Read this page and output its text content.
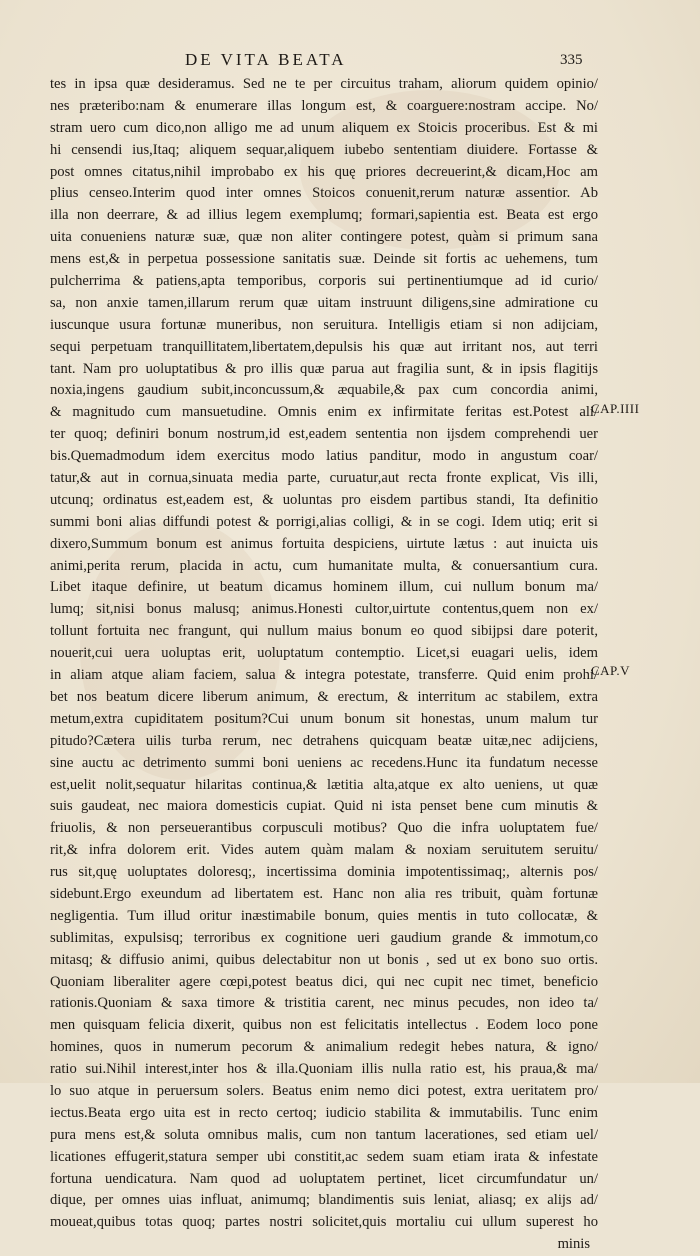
DE VITA BEATA	335
tes in ipsa quæ desideramus. Sed ne te per circuitus traham, aliorum quidem opinio/
nes præteribo:nam & enumerare illas longum est, & coarguere:nostram accipe. No/
stram uero cum dico,non alligo me ad unum aliquem ex Stoicis proceribus. Est & mi
hi censendi ius,Itaq; aliquem sequar,aliquem iubebo sententiam diuidere. Fortasse &
post omnes citatus,nihil improbabo ex his quę priores decreuerint,& dicam,Hoc am
plius censeo.Interim quod inter omnes Stoicos conuenit,rerum naturæ assentior. Ab
illa non deerrare, & ad illius legem exemplumq; formari,sapientia est. Beata est ergo
uita conueniens naturæ suæ, quæ non aliter contingere potest, quàm si primum sana
mens est,& in perpetua possessione sanitatis suæ. Deinde sit fortis ac uehemens, tum
pulcherrima & patiens,apta temporibus, corporis sui pertinentiumque ad id curio/
sa, non anxie tamen,illarum rerum quæ uitam instruunt diligens,sine admiratione cu
iuscunque usura fortunæ muneribus, non seruitura. Intelligis etiam si non adijciam,
sequi perpetuam tranquillitatem,libertatem,depulsis his quæ aut irritant nos, aut terri
tant. Nam pro uoluptatibus & pro illis quæ parua aut fragilia sunt, & in ipsis flagitijs
noxia,ingens gaudium subit,inconcussum,& æquabile,& pax cum concordia animi,
& magnitudo cum mansuetudine. Omnis enim ex infirmitate feritas est.Potest ali/
ter quoq; definiri bonum nostrum,id est,eadem sententia non ijsdem comprehendi uer
bis.Quemadmodum idem exercitus modo latius panditur, modo in angustum coar/
tatur,& aut in cornua,sinuata media parte, curuatur,aut recta fronte explicat, Vis illi,
utcunq; ordinatus est,eadem est, & uoluntas pro eisdem partibus standi, Ita definitio
summi boni alias diffundi potest & porrigi,alias colligi, & in se cogi. Idem utiq; erit si
dixero,Summum bonum est animus fortuita despiciens, uirtute lætus : aut inuicta uis
animi,perita rerum, placida in actu, cum humanitate multa, & conuersantium cura.
Libet itaque definire, ut beatum dicamus hominem illum, cui nullum bonum ma/
lumq; sit,nisi bonus malusq; animus.Honesti cultor,uirtute contentus,quem non ex/
tollunt fortuita nec frangunt, qui nullum maius bonum eo quod sibijpsi dare poterit,
nouerit,cui uera uoluptas erit, uoluptatum contemptio. Licet,si euagari uelis, idem
in aliam atque aliam faciem, salua & integra potestate, transferre. Quid enim prohi/
bet nos beatum dicere liberum animum, & erectum, & interritum ac stabilem, extra
metum,extra cupiditatem positum?Cui unum bonum sit honestas, unum malum tur
pitudo?Cætera uilis turba rerum, nec detrahens quicquam beatæ uitæ,nec adijciens,
sine auctu ac detrimento summi boni ueniens ac recedens.Hunc ita fundatum necesse
est,uelit nolit,sequatur hilaritas continua,& lætitia alta,atque ex alto ueniens, ut quæ
suis gaudeat, nec maiora domesticis cupiat. Quid ni ista penset bene cum minutis &
friuolis, & non perseuerantibus corpusculi motibus? Quo die infra uoluptatem fue/
rit,& infra dolorem erit. Vides autem quàm malam & noxiam seruitutem seruitu/
rus sit,quę uoluptates doloresq;, incertissima dominia impotentissimaq;, alternis pos/
sidebunt.Ergo exeundum ad libertatem est. Hanc non alia res tribuit, quàm fortunæ
negligentia. Tum illud oritur inæstimabile bonum, quies mentis in tuto collocatæ, &
sublimitas, expulsisq; terroribus ex cognitione ueri gaudium grande & immotum,co
mitasq; & diffusio animi, quibus delectabitur non ut bonis , sed ut ex bono suo ortis.
Quoniam liberaliter agere cœpi,potest beatus dici, qui nec cupit nec timet, beneficio
rationis.Quoniam & saxa timore & tristitia carent, nec minus pecudes, non ideo ta/
men quisquam felicia dixerit, quibus non est felicitatis intellectus . Eodem loco pone
homines, quos in numerum pecorum & animalium redegit hebes natura, & igno/
ratio sui.Nihil interest,inter hos & illa.Quoniam illis nulla ratio est, his praua,& ma/
lo suo atque in peruersum solers. Beatus enim nemo dici potest, extra ueritatem pro/
iectus.Beata ergo uita est in recto certoq; iudicio stabilita & immutabilis. Tunc enim
pura mens est,& soluta omnibus malis, cum non tantum lacerationes, sed etiam uel/
licationes effugerit,statura semper ubi constitit,ac sedem suam etiam irata & infestate
fortuna uendicatura. Nam quod ad uoluptatem pertinet, licet circumfundatur un/
dique, per omnes uias influat, animumq; blandimentis suis leniat, aliasq; ex alijs ad/
moueat,quibus totas quoq; partes nostri solicitet,quis mortaliu cui ullum superest ho
minis
CAP.IIII
CAP.V
